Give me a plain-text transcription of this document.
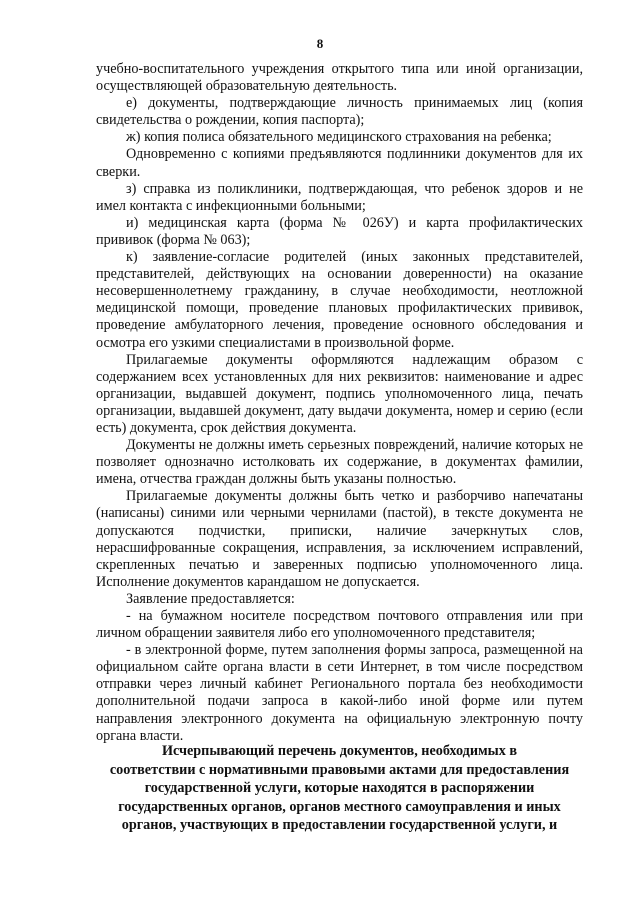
8

учебно-воспитательного учреждения открытого типа или иной организации, осуществляющей образовательную деятельность.

е) документы, подтверждающие личность принимаемых лиц (копия свидетельства о рождении, копия паспорта);

ж) копия полиса обязательного медицинского страхования на ребенка;

Одновременно с копиями предъявляются подлинники документов для их сверки.

з) справка из поликлиники, подтверждающая, что ребенок здоров и не имел контакта с инфекционными больными;

и) медицинская карта (форма № 026У) и карта профилактических прививок (форма № 063);

к) заявление-согласие родителей (иных законных представителей, представителей, действующих на основании доверенности) на оказание несовершеннолетнему гражданину, в случае необходимости, неотложной медицинской помощи, проведение плановых профилактических прививок, проведение амбулаторного лечения, проведение основного обследования и осмотра его узкими специалистами в произвольной форме.

Прилагаемые документы оформляются надлежащим образом с содержанием всех установленных для них реквизитов: наименование и адрес организации, выдавшей документ, подпись уполномоченного лица, печать организации, выдавшей документ, дату выдачи документа, номер и серию (если есть) документа, срок действия документа.

Документы не должны иметь серьезных повреждений, наличие которых не позволяет однозначно истолковать их содержание, в документах фамилии, имена, отчества граждан должны быть указаны полностью.

Прилагаемые документы должны быть четко и разборчиво напечатаны (написаны) синими или черными чернилами (пастой), в тексте документа не допускаются подчистки, приписки, наличие зачеркнутых слов, нерасшифрованные сокращения, исправления, за исключением исправлений, скрепленных печатью и заверенных подписью уполномоченного лица. Исполнение документов карандашом не допускается.

Заявление предоставляется:

- на бумажном носителе посредством почтового отправления или при личном обращении заявителя либо его уполномоченного представителя;

- в электронной форме, путем заполнения формы запроса, размещенной на официальном сайте органа власти в сети Интернет, в том числе посредством отправки через личный кабинет Регионального портала без необходимости дополнительной подачи запроса в какой-либо иной форме или путем направления электронного документа на официальную электронную почту органа власти.

Исчерпывающий перечень документов, необходимых в
соответствии с нормативными правовыми актами для предоставления
государственной услуги, которые находятся в распоряжении
государственных органов, органов местного самоуправления и иных
органов, участвующих в предоставлении государственной услуги, и
